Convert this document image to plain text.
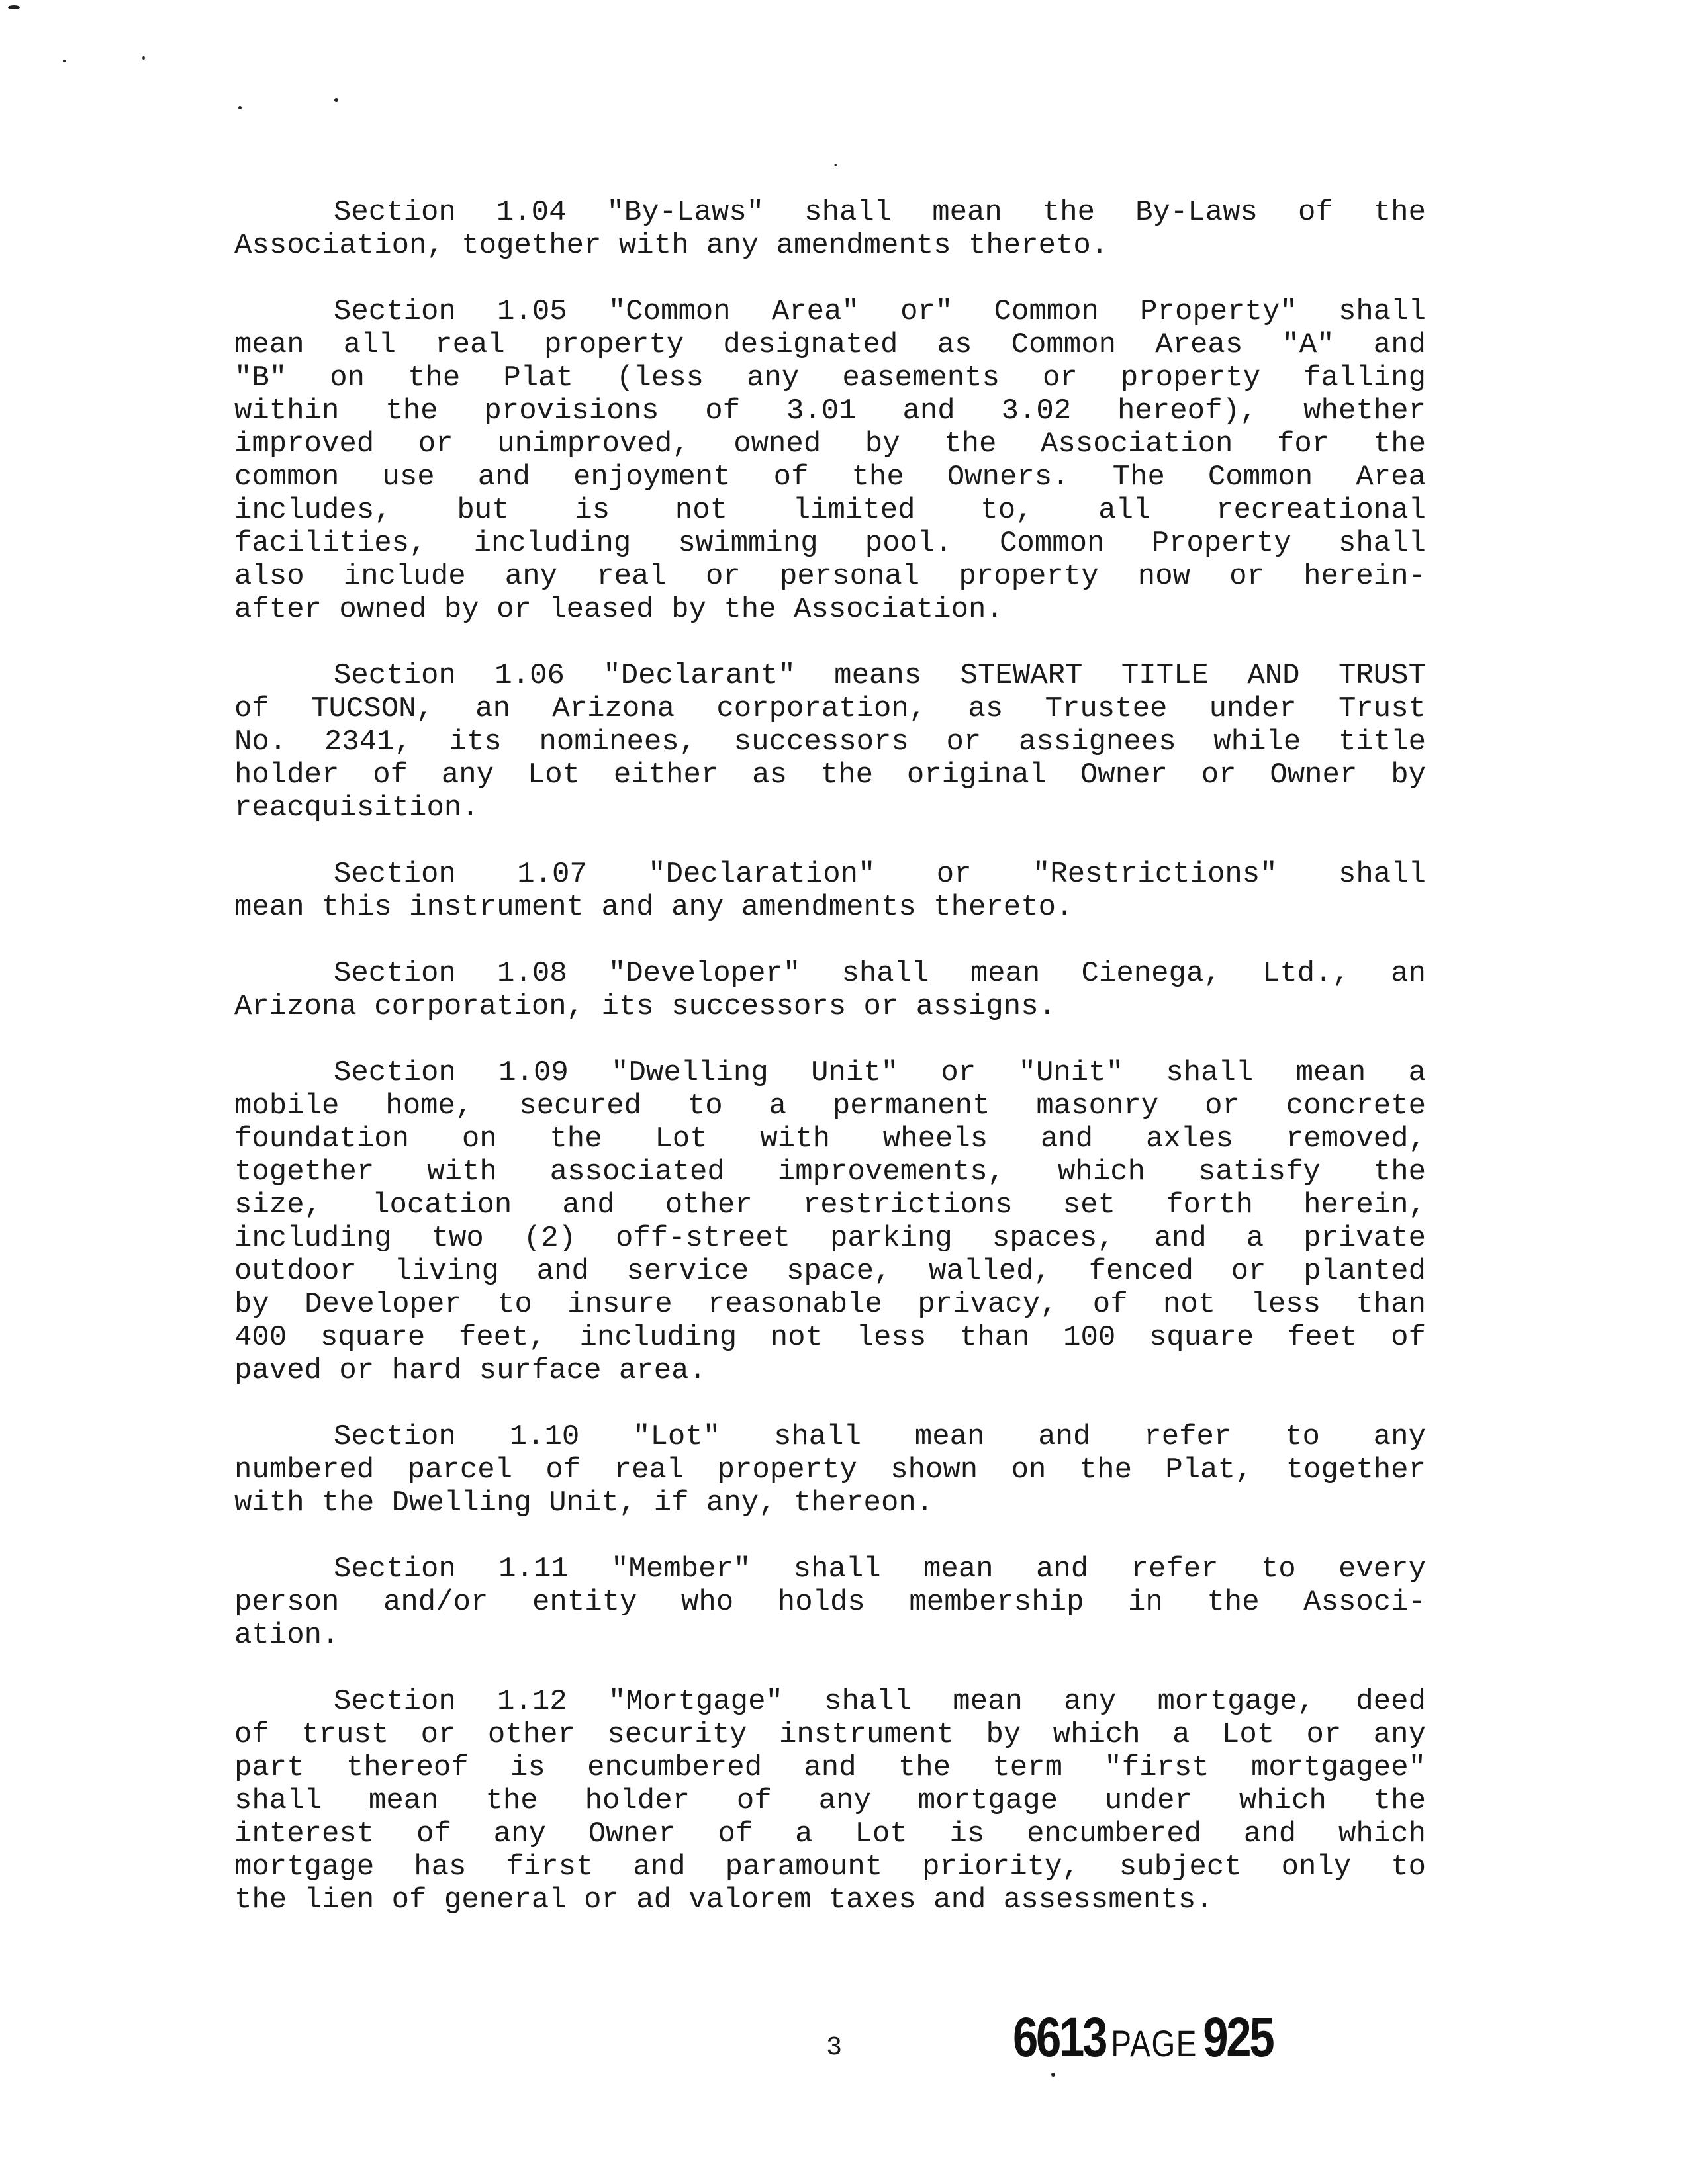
Section 1.04 "By-Laws" shall mean the By-Laws of the
Association, together with any amendments thereto.
Section 1.05 "Common Area" or" Common Property" shall
mean all real property designated as Common Areas "A" and
"B" on the Plat (less any easements or property falling
within the provisions of 3.01 and 3.02 hereof), whether
improved or unimproved, owned by the Association for the
common use and enjoyment of the Owners. The Common Area
includes, but is not limited to, all recreational
facilities, including swimming pool. Common Property shall
also include any real or personal property now or herein-
after owned by or leased by the Association.
Section 1.06 "Declarant" means STEWART TITLE AND TRUST
of TUCSON, an Arizona corporation, as Trustee under Trust
No. 2341, its nominees, successors or assignees while title
holder of any Lot either as the original Owner or Owner by
reacquisition.
Section 1.07 "Declaration" or "Restrictions" shall
mean this instrument and any amendments thereto.
Section 1.08 "Developer" shall mean Cienega, Ltd., an
Arizona corporation, its successors or assigns.
Section 1.09 "Dwelling Unit" or "Unit" shall mean a
mobile home, secured to a permanent masonry or concrete
foundation on the Lot with wheels and axles removed,
together with associated improvements, which satisfy the
size, location and other restrictions set forth herein,
including two (2) off-street parking spaces, and a private
outdoor living and service space, walled, fenced or planted
by Developer to insure reasonable privacy, of not less than
400 square feet, including not less than 100 square feet of
paved or hard surface area.
Section 1.10 "Lot" shall mean and refer to any
numbered parcel of real property shown on the Plat, together
with the Dwelling Unit, if any, thereon.
Section 1.11 "Member" shall mean and refer to every
person and/or entity who holds membership in the Associ-
ation.
Section 1.12 "Mortgage" shall mean any mortgage, deed
of trust or other security instrument by which a Lot or any
part thereof is encumbered and the term "first mortgagee"
shall mean the holder of any mortgage under which the
interest of any Owner of a Lot is encumbered and which
mortgage has first and paramount priority, subject only to
the lien of general or ad valorem taxes and assessments.
3	6613 PAGE925
